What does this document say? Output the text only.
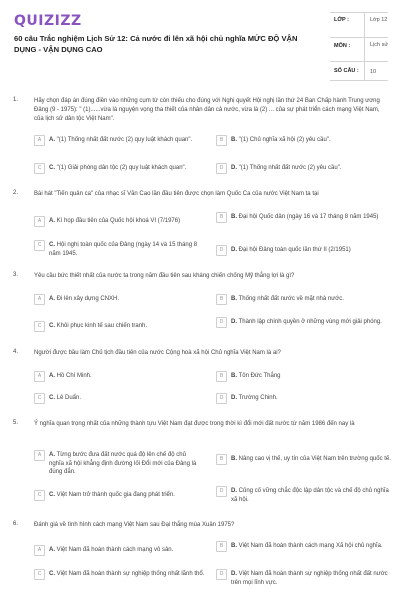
QUIZIZZ
60 câu Trắc nghiệm Lịch Sử 12: Cả nước đi lên xã hội chủ nghĩa MỨC ĐỘ VẬN DỤNG - VẬN DỤNG CAO
LỚP :	Lớp 12
MÔN :	Lịch sử
SỐ CÂU : 10
1.	Hãy chọn đáp án đúng điền vào những cụm từ còn thiếu cho đúng với Nghị quyết Hội nghị lần thứ 24 Ban Chấp hành Trung ương Đảng (9 - 1975): " (1)......vừa là nguyện vọng tha thiết của nhân dân cả nước, vừa là (2) ... của sự phát triển cách mạng Việt Nam, của lịch sử dân tộc Việt Nam".
A	A. "(1) Thống nhất đất nước (2) quy luật khách quan".	B	B. "(1) Chủ nghĩa xã hội (2) yêu cầu".
C	C. "(1) Giải phóng dân tộc (2) quy luật khách quan".	D	D. "(1) Thống nhất đất nước (2) yêu cầu".
2.	Bài hát "Tiến quân ca" của nhạc sĩ Văn Cao lần đầu tiên được chọn làm Quốc Ca của nước Việt Nam ta tại
A	A. Kì họp đầu tiên của Quốc hội khoá VI (7/1976)
B	B. Đại hội Quốc dân (ngày 16 và 17 tháng 8 năm 1945)
C	C. Hội nghị toàn quốc của Đảng (ngày 14 và 15 tháng 8 năm 1945.
D	D. Đại hội Đảng toàn quốc lần thứ II (2/1951)
3.	Yêu cầu bức thiết nhất của nước ta trong năm đầu tiên sau kháng chiến chống Mỹ thắng lợi là gì?
A	A. Đi lên xây dựng CNXH.	B	B. Thống nhất đất nước về mặt nhà nước.
C	C. Khôi phục kinh tế sau chiến tranh.
D	D. Thành lập chính quyền ở những vùng mới giải phóng.
4.	Người được bầu làm Chủ tịch đầu tiên của nước Cộng hoà xã hội Chủ nghĩa Việt Nam là ai?
A	A. Hồ Chí Minh.	B	B. Tôn Đức Thắng
C	C. Lê Duẩn.	D	D. Trường Chinh.
5.	Ý nghĩa quan trọng nhất của những thành tựu Việt Nam đạt được trong thời kì đổi mới đất nước từ năm 1986 đến nay là
A	A. Từng bước đưa đất nước quá độ lên chế độ chủ nghĩa xã hội khẳng định đường lối Đổi mới của Đảng là đúng đắn.
B	B. Nâng cao vị thế, uy tín của Việt Nam trên trường quốc tế.
C	C. Việt Nam trở thành quốc gia đang phát triển.
D	D. Củng cố vững chắc độc lập dân tộc và chế độ chủ nghĩa xã hội.
6.	Đánh giá về tình hình cách mạng Việt Nam sau Đại thắng mùa Xuân 1975?
A	A. Việt Nam đã hoàn thành cách mạng vô sản.
B	B. Việt Nam đã hoàn thành cách mạng Xã hội chủ nghĩa.
C	C. Việt Nam đã hoàn thành sự nghiệp thống nhất lãnh thổ.	D	D. Việt Nam đã hoàn thành sự nghiệp thống nhất đất nước trên mọi lĩnh vực.
